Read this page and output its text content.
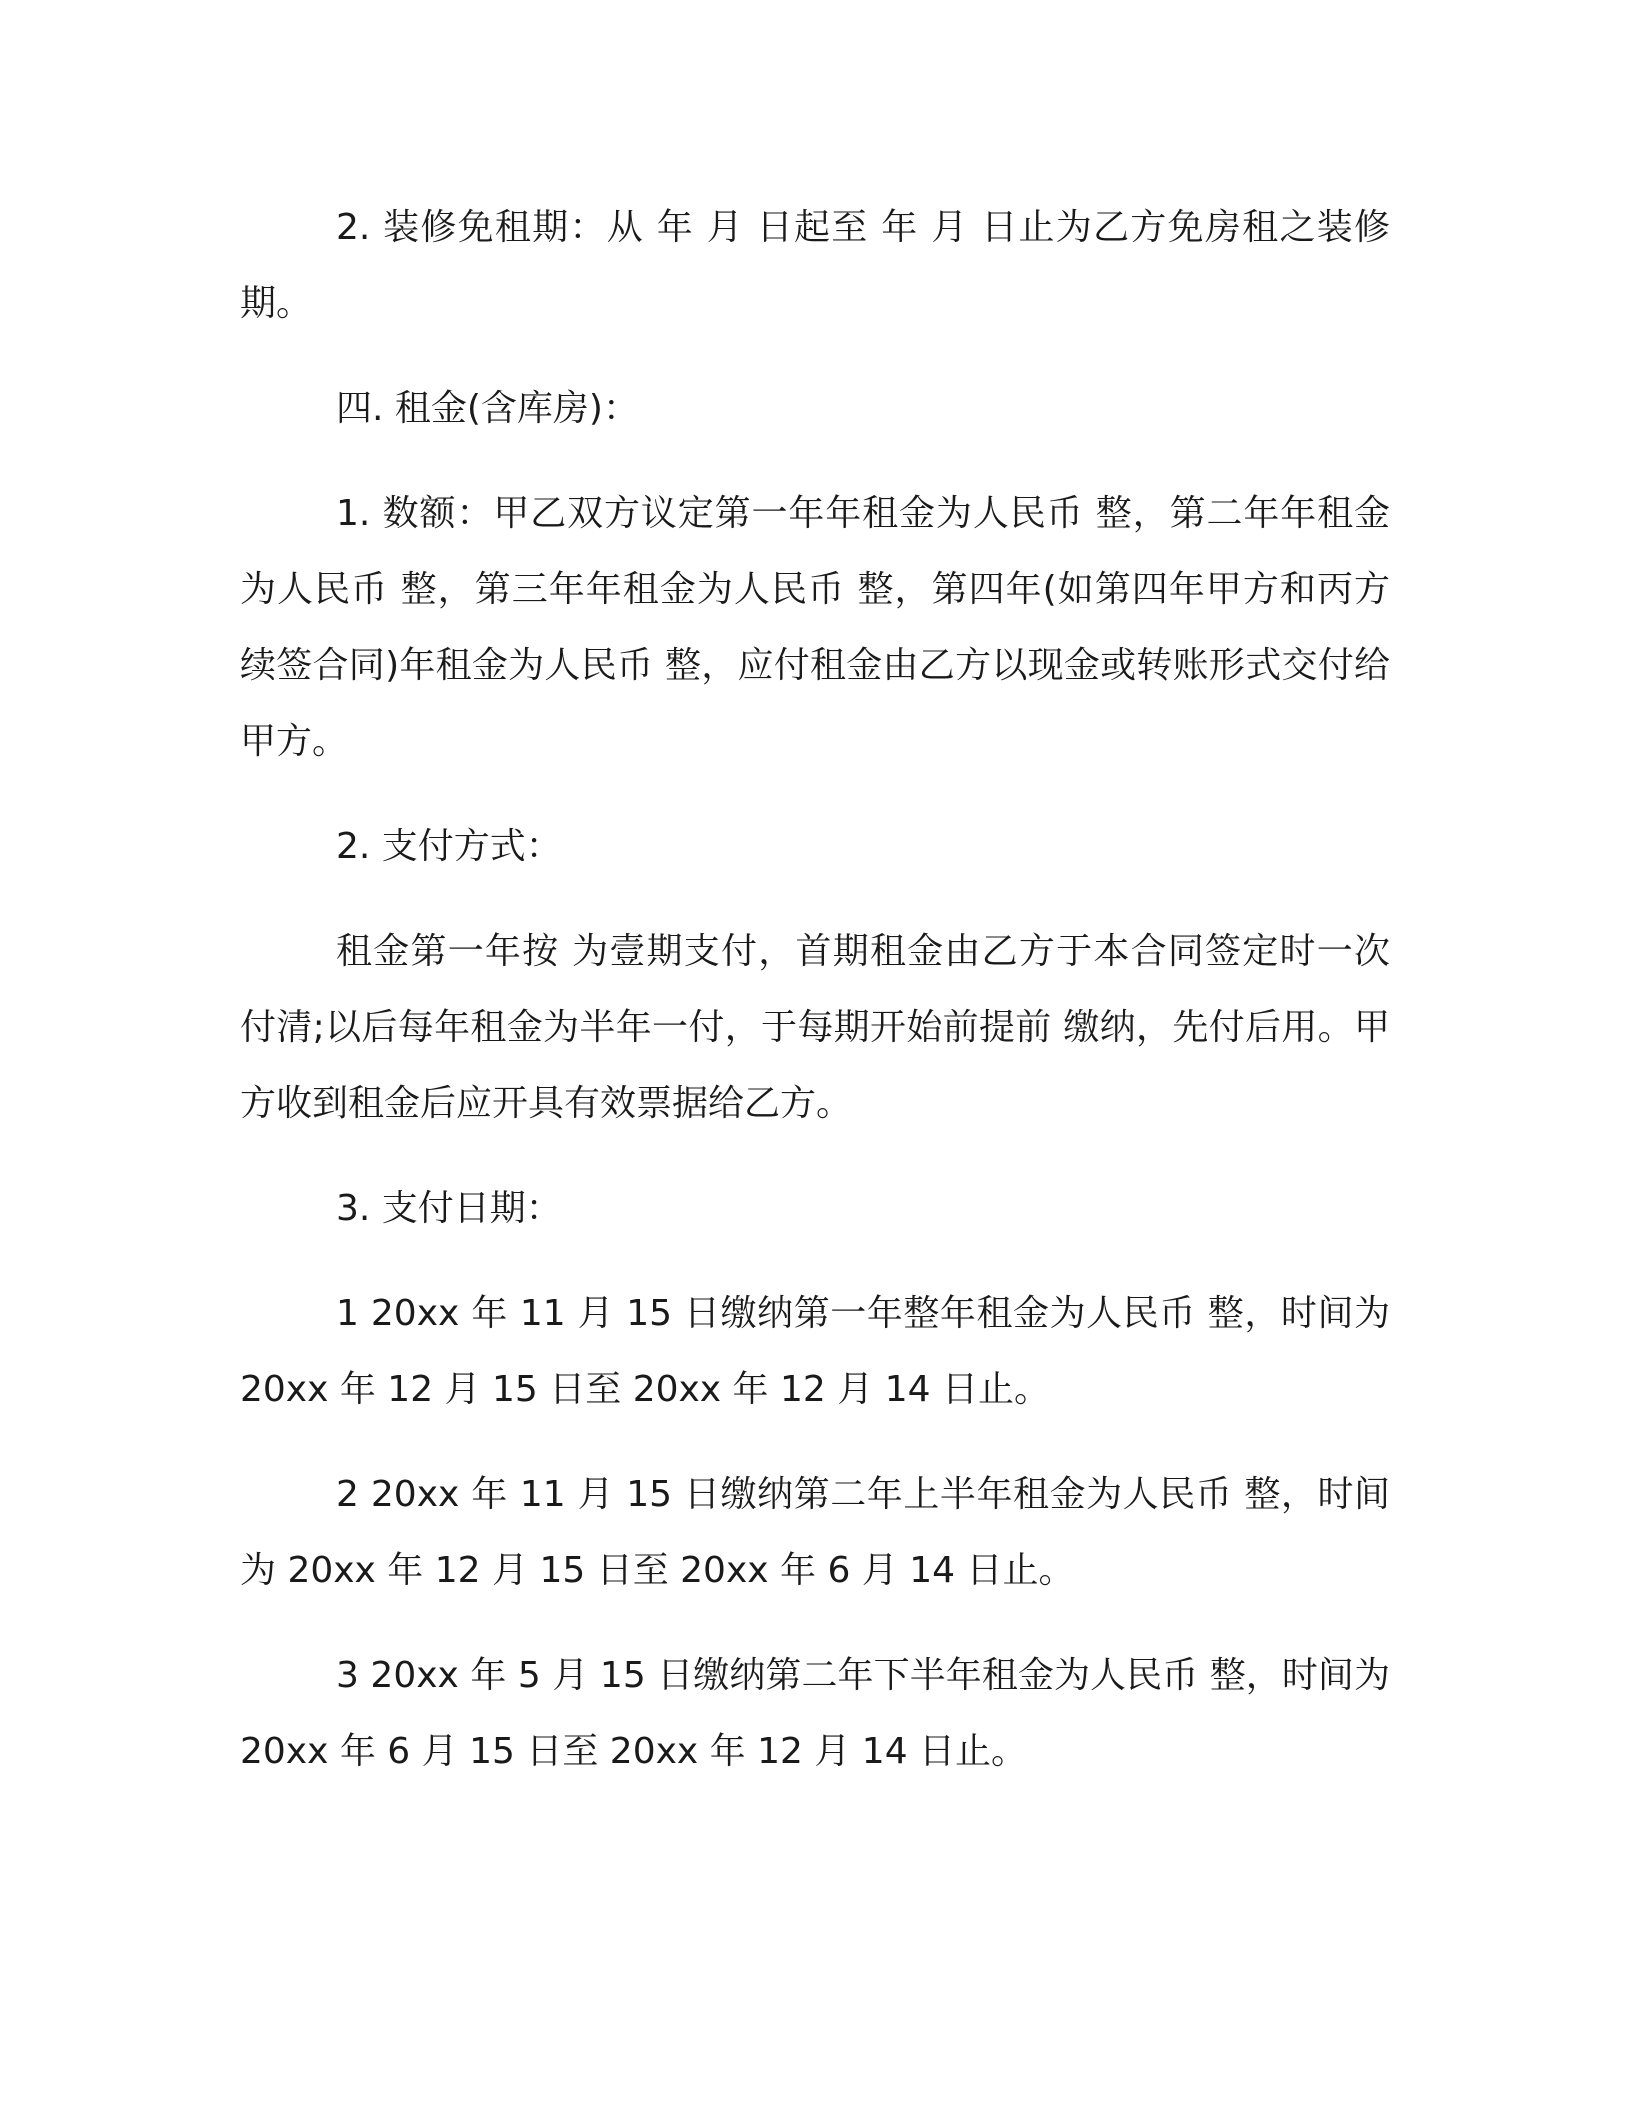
2. 装修免租期：从 年 月 日起至 年 月 日止为乙方免房租之装修期。

四. 租金(含库房)：

1. 数额：甲乙双方议定第一年年租金为人民币 整，第二年年租金为人民币 整，第三年年租金为人民币 整，第四年(如第四年甲方和丙方续签合同)年租金为人民币 整，应付租金由乙方以现金或转账形式交付给甲方。

2. 支付方式：

租金第一年按 为壹期支付，首期租金由乙方于本合同签定时一次付清;以后每年租金为半年一付，于每期开始前提前 缴纳，先付后用。甲方收到租金后应开具有效票据给乙方。

3. 支付日期：

1 20xx 年 11 月 15 日缴纳第一年整年租金为人民币 整，时间为 20xx 年 12 月 15 日至 20xx 年 12 月 14 日止。

2 20xx 年 11 月 15 日缴纳第二年上半年租金为人民币 整，时间为 20xx 年 12 月 15 日至 20xx 年 6 月 14 日止。

3 20xx 年 5 月 15 日缴纳第二年下半年租金为人民币 整，时间为 20xx 年 6 月 15 日至 20xx 年 12 月 14 日止。
